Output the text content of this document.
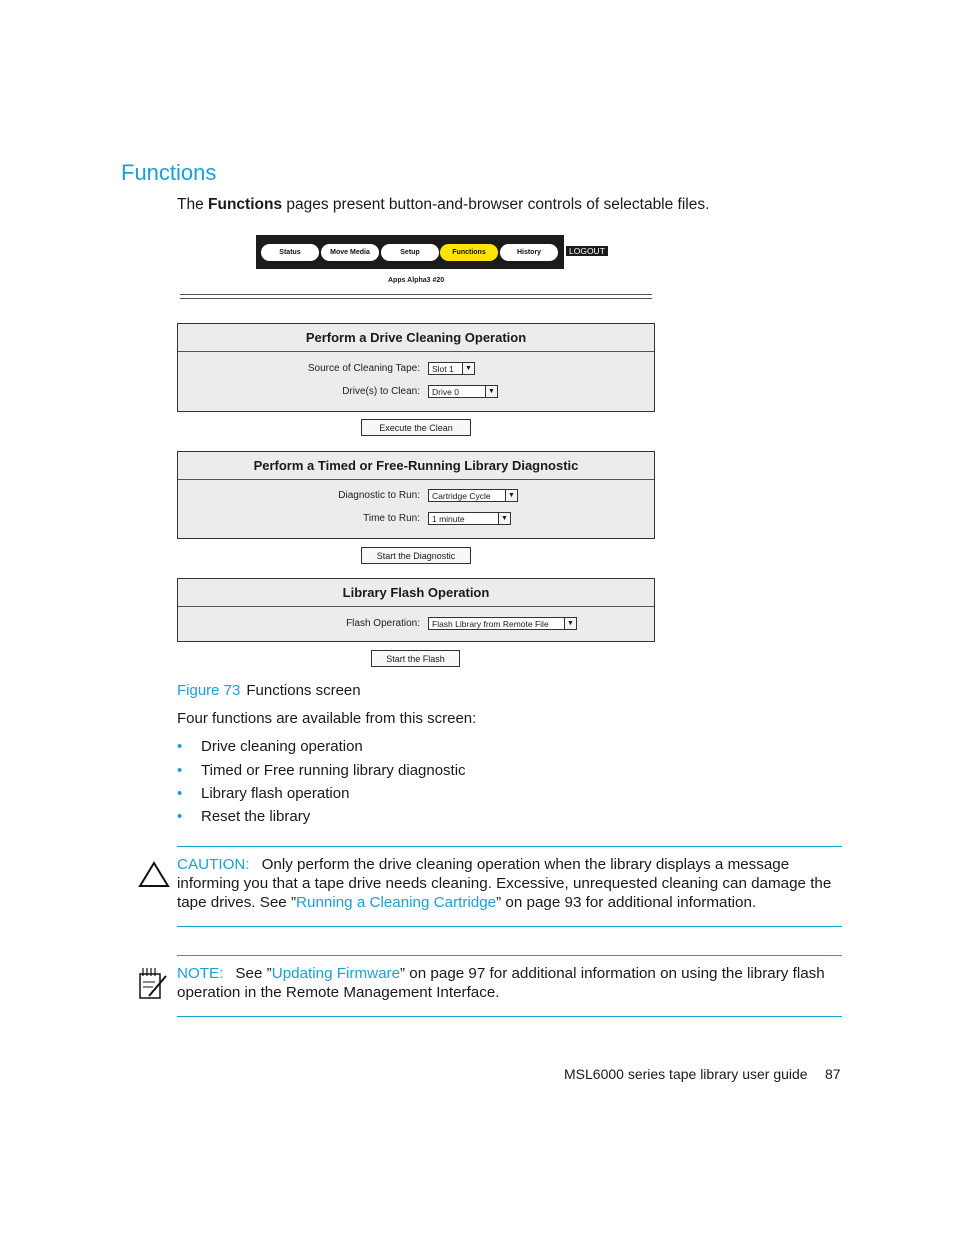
Functions
The Functions pages present button-and-browser controls of selectable files.
Status	Move Media	Setup	Functions	History	LOGOUT
Apps Alpha3 #20
Perform a Drive Cleaning Operation
Source of Cleaning Tape:	Slot 1	▼
Drive(s) to Clean:	Drive 0	▼
Execute the Clean
Perform a Timed or Free-Running Library Diagnostic
Diagnostic to Run:	Cartridge Cycle	▼
Time to Run:	1 minute	▼
Start the Diagnostic
Library Flash Operation
Flash Operation:	Flash Library from Remote File	▼
Start the Flash
Figure 73 Functions screen
Four functions are available from this screen:
• Drive cleaning operation
• Timed or Free running library diagnostic
• Library flash operation
• Reset the library
CAUTION: Only perform the drive cleaning operation when the library displays a message informing you that a tape drive needs cleaning. Excessive, unrequested cleaning can damage the tape drives. See ”Running a Cleaning Cartridge” on page 93 for additional information.
NOTE: See ”Updating Firmware” on page 97 for additional information on using the library flash operation in the Remote Management Interface.
MSL6000 series tape library user guide 87
